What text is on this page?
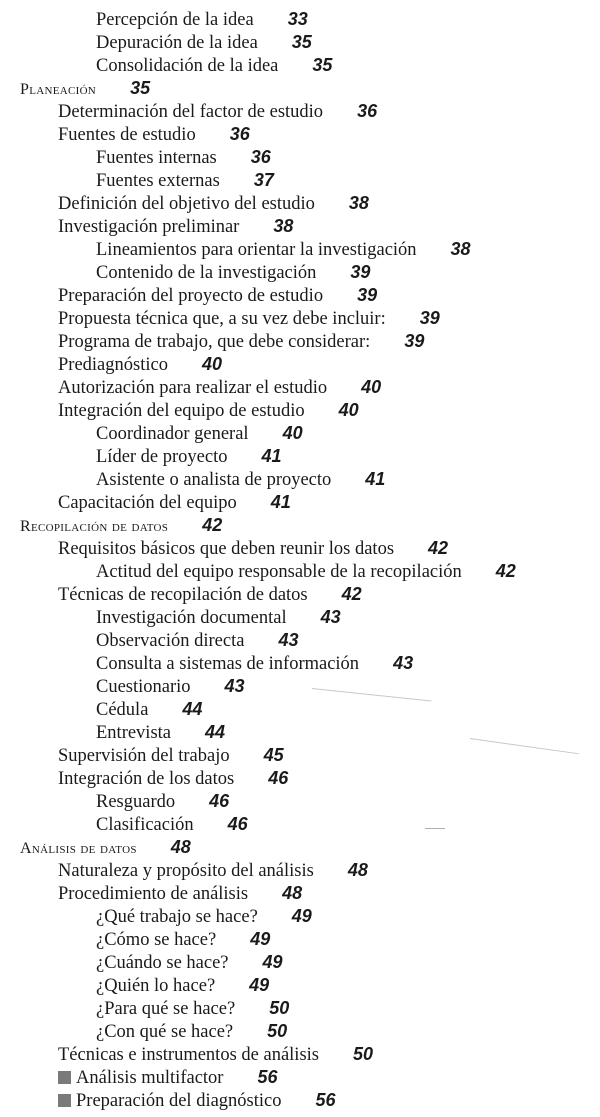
Percepción de la idea 33
Depuración de la idea 35
Consolidación de la idea 35
Planeación 35
Determinación del factor de estudio 36
Fuentes de estudio 36
Fuentes internas 36
Fuentes externas 37
Definición del objetivo del estudio 38
Investigación preliminar 38
Lineamientos para orientar la investigación 38
Contenido de la investigación 39
Preparación del proyecto de estudio 39
Propuesta técnica que, a su vez debe incluir: 39
Programa de trabajo, que debe considerar: 39
Prediagnóstico 40
Autorización para realizar el estudio 40
Integración del equipo de estudio 40
Coordinador general 40
Líder de proyecto 41
Asistente o analista de proyecto 41
Capacitación del equipo 41
Recopilación de datos 42
Requisitos básicos que deben reunir los datos 42
Actitud del equipo responsable de la recopilación 42
Técnicas de recopilación de datos 42
Investigación documental 43
Observación directa 43
Consulta a sistemas de información 43
Cuestionario 43
Cédula 44
Entrevista 44
Supervisión del trabajo 45
Integración de los datos 46
Resguardo 46
Clasificación 46
Análisis de datos 48
Naturaleza y propósito del análisis 48
Procedimiento de análisis 48
¿Qué trabajo se hace? 49
¿Cómo se hace? 49
¿Cuándo se hace? 49
¿Quién lo hace? 49
¿Para qué se hace? 50
¿Con qué se hace? 50
Técnicas e instrumentos de análisis 50
Análisis multifactor 56
Preparación del diagnóstico 56
